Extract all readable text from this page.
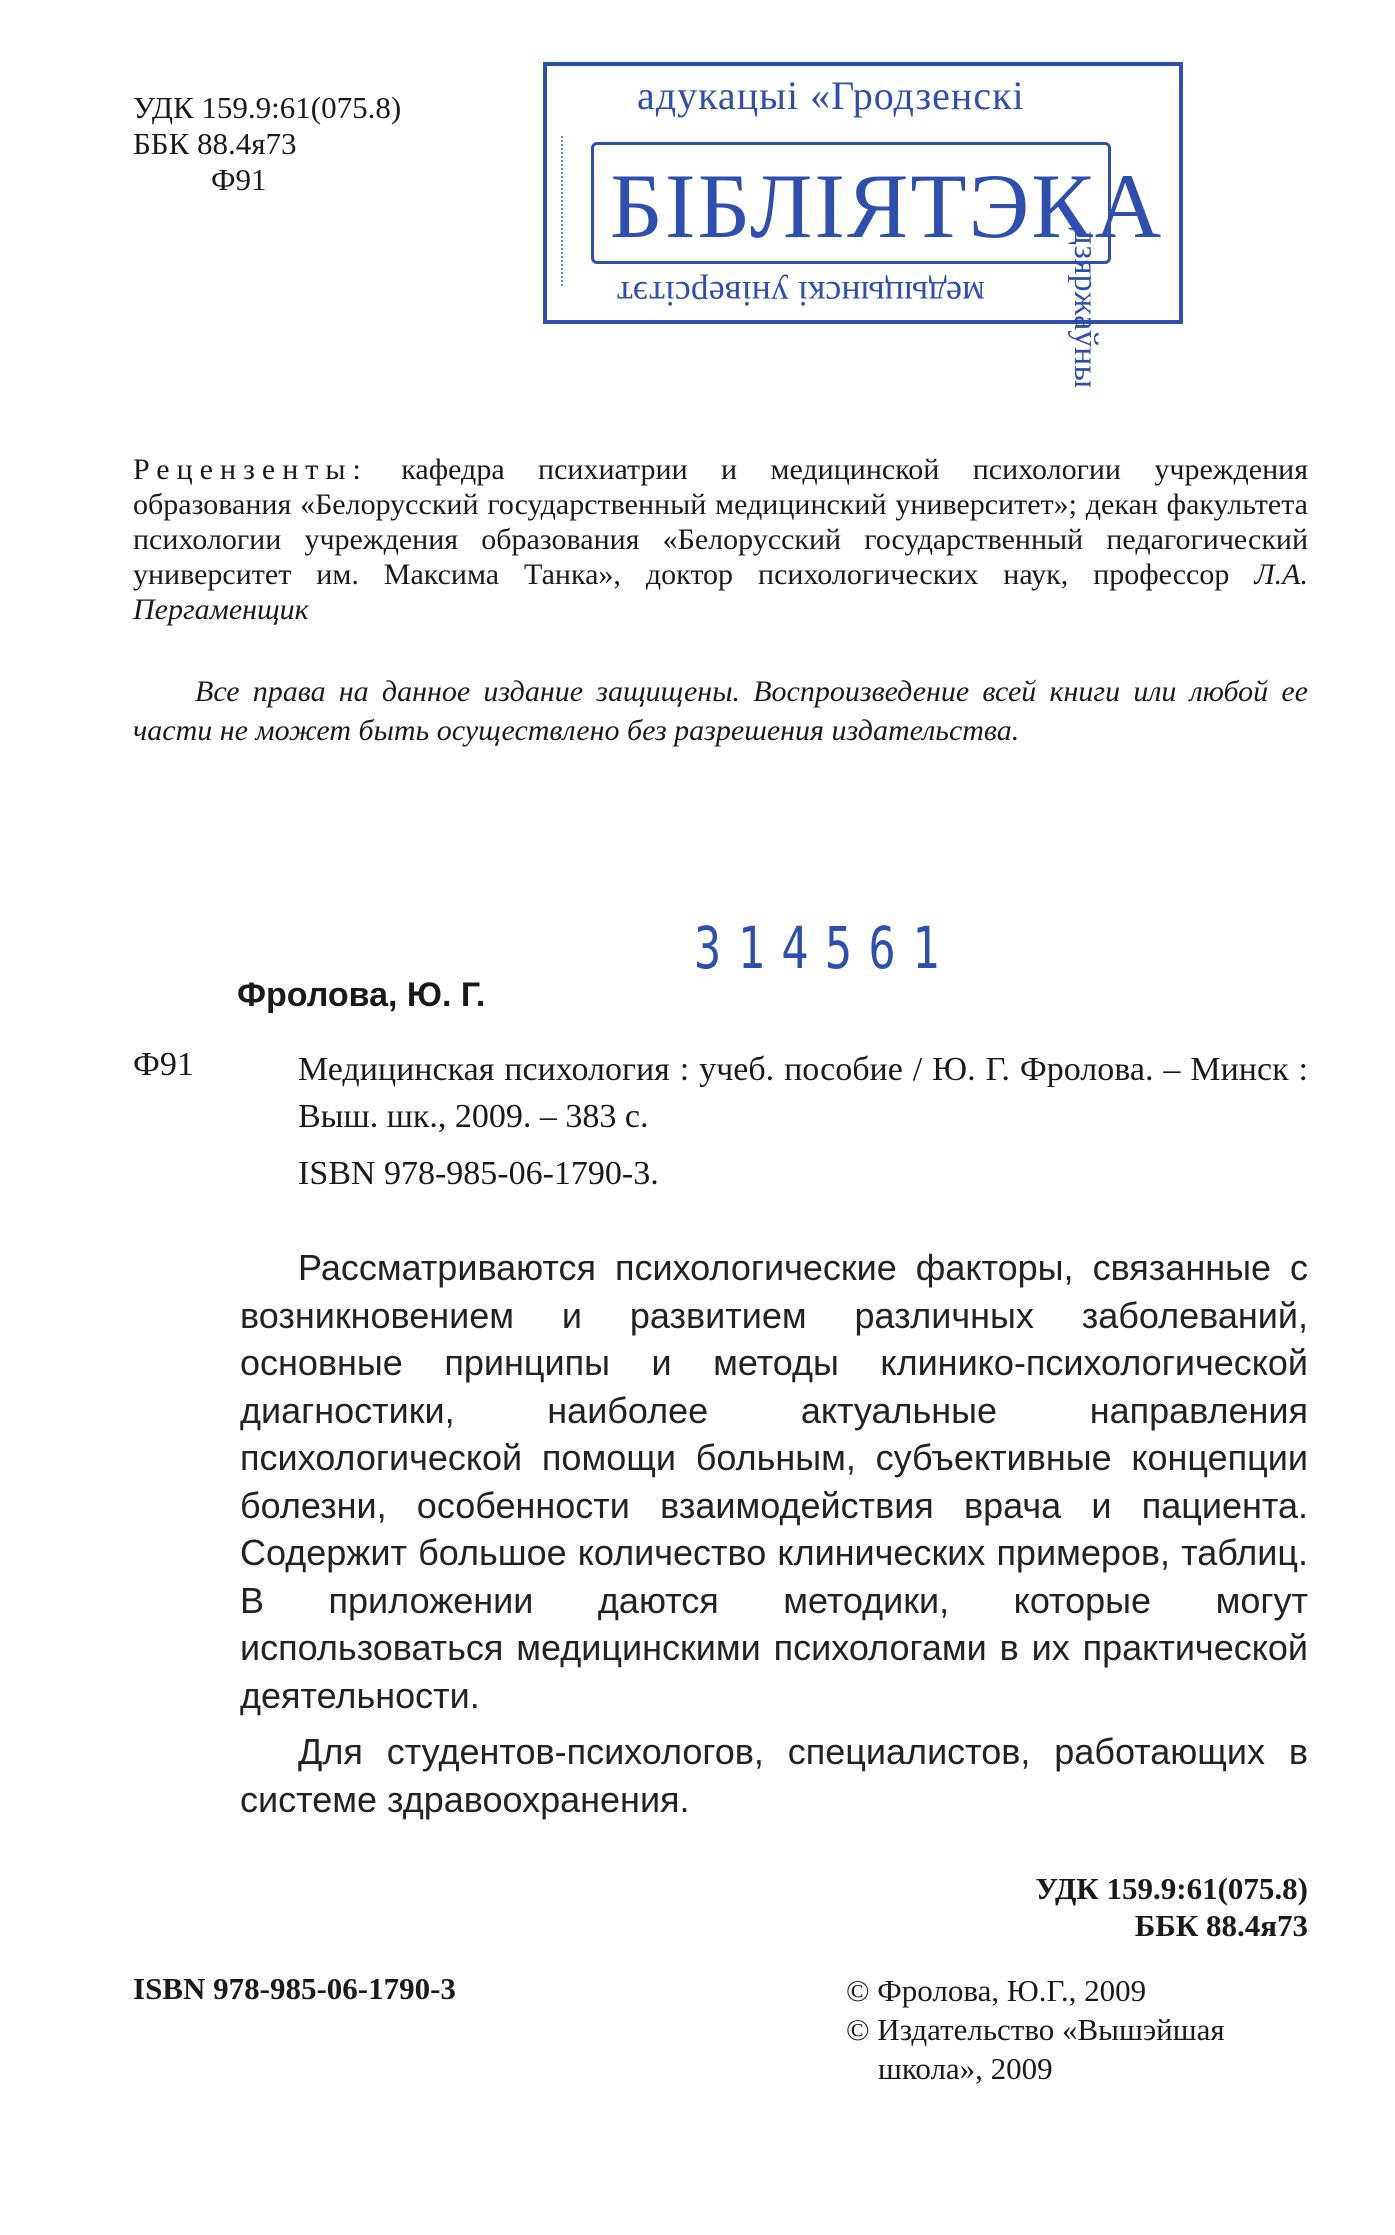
УДК 159.9:61(075.8)
ББК 88.4я73
Ф91
адукацыі «Гродзенскі
БІБЛІЯТЭКА
медыцынскі універсітэт дзяржаўны
Рецензенты: кафедра психиатрии и медицинской психологии учреждения образования «Белорусский государственный медицинский университет»; декан факультета психологии учреждения образования «Белорусский государственный педагогический университет им. Максима Танка», доктор психологических наук, профессор Л.А. Пергаменщик
Все права на данное издание защищены. Воспроизведение всей книги или любой ее части не может быть осуществлено без разрешения издательства.
314561
Фролова, Ю. Г.
Ф91	Медицинская психология : учеб. пособие / Ю. Г. Фролова. – Минск : Выш. шк., 2009. – 383 с.
ISBN 978-985-06-1790-3.
Рассматриваются психологические факторы, связанные с возникновением и развитием различных заболеваний, основные принципы и методы клинико-психологической диагностики, наиболее актуальные направления психологической помощи больным, субъективные концепции болезни, особенности взаимодействия врача и пациента. Содержит большое количество клинических примеров, таблиц. В приложении даются методики, которые могут использоваться медицинскими психологами в их практической деятельности.
Для студентов-психологов, специалистов, работающих в системе здравоохранения.
УДК 159.9:61(075.8)
ББК 88.4я73
ISBN 978-985-06-1790-3	© Фролова, Ю.Г., 2009
© Издательство «Вышэйшая
школа», 2009
